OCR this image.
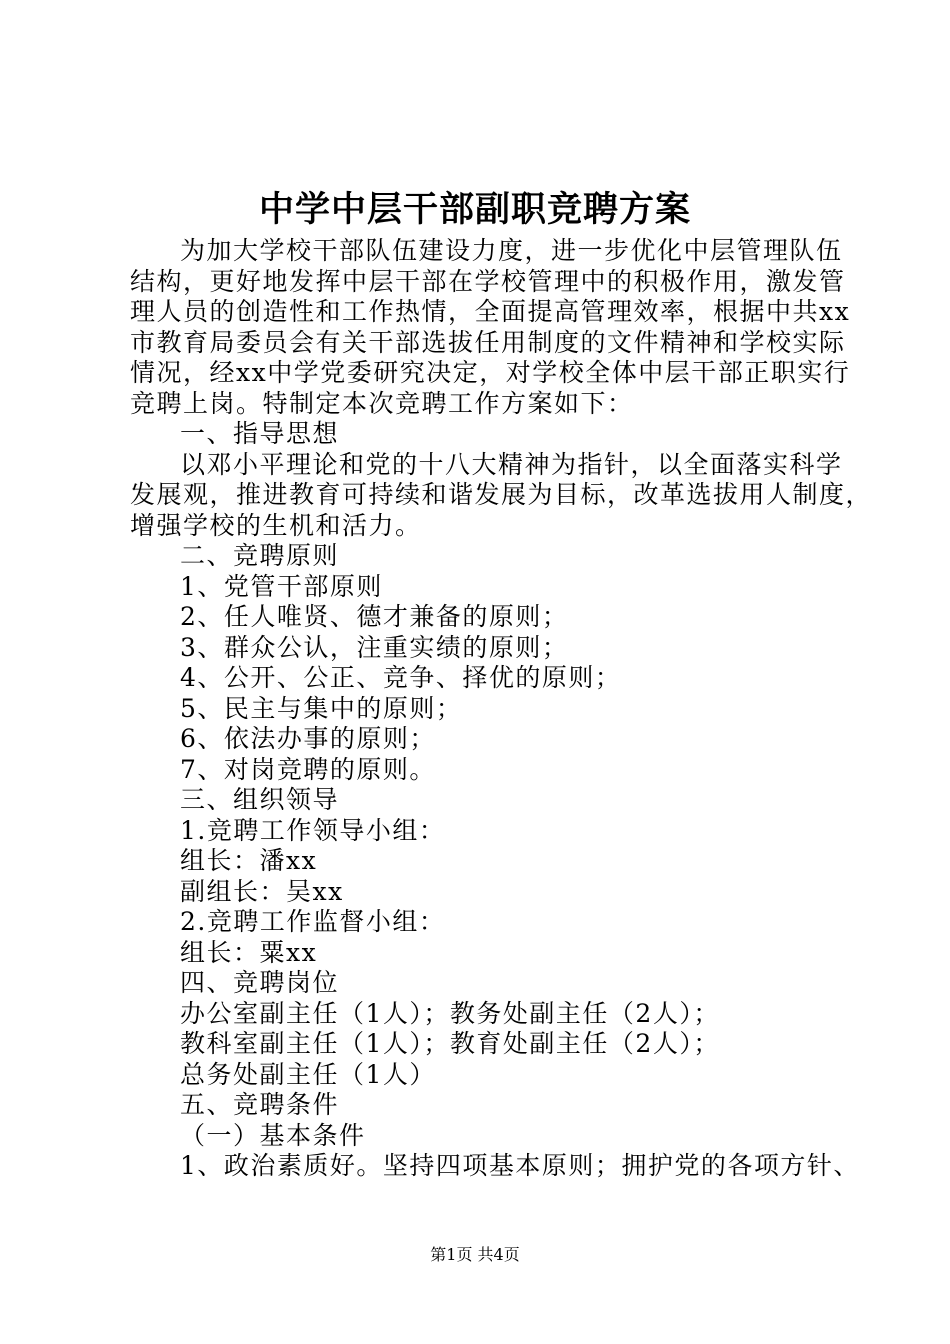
中学中层干部副职竞聘方案
为加大学校干部队伍建设力度，进一步优化中层管理队伍
结构，更好地发挥中层干部在学校管理中的积极作用，激发管
理人员的创造性和工作热情，全面提高管理效率，根据中共xx
市教育局委员会有关干部选拔任用制度的文件精神和学校实际
情况，经xx中学党委研究决定，对学校全体中层干部正职实行
竞聘上岗。特制定本次竞聘工作方案如下：
一、指导思想
以邓小平理论和党的十八大精神为指针，以全面落实科学
发展观，推进教育可持续和谐发展为目标，改革选拔用人制度，
增强学校的生机和活力。
二、竞聘原则
1、党管干部原则
2、任人唯贤、德才兼备的原则；
3、群众公认，注重实绩的原则；
4、公开、公正、竞争、择优的原则；
5、民主与集中的原则；
6、依法办事的原则；
7、对岗竞聘的原则。
三、组织领导
1.竞聘工作领导小组：
组长：潘xx
副组长：吴xx
2.竞聘工作监督小组：
组长：粟xx
四、竞聘岗位
办公室副主任（1人）；教务处副主任（2人）；
教科室副主任（1人）；教育处副主任（2人）；
总务处副主任（1人）
五、竞聘条件
（一）基本条件
1、政治素质好。坚持四项基本原则；拥护党的各项方针、
第1页 共4页
